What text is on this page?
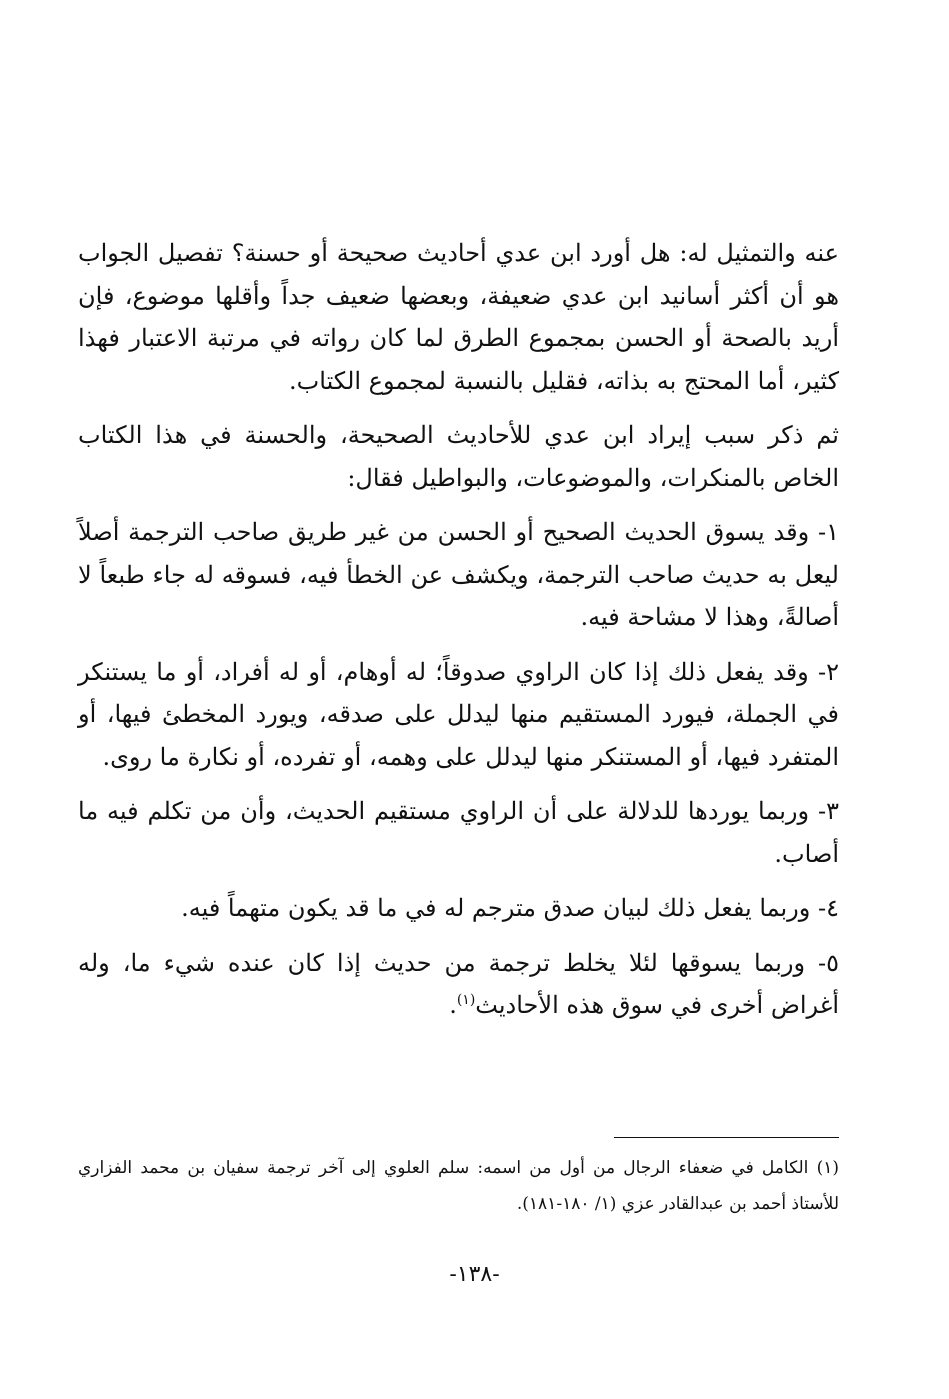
عنه والتمثيل له: هل أورد ابن عدي أحاديث صحيحة أو حسنة؟ تفصيل الجواب هو أن أكثر أسانيد ابن عدي ضعيفة، وبعضها ضعيف جداً وأقلها موضوع، فإن أريد بالصحة أو الحسن بمجموع الطرق لما كان رواته في مرتبة الاعتبار فهذا كثير، أما المحتج به بذاته، فقليل بالنسبة لمجموع الكتاب.

ثم ذكر سبب إيراد ابن عدي للأحاديث الصحيحة، والحسنة في هذا الكتاب الخاص بالمنكرات، والموضوعات، والبواطيل فقال:

١- وقد يسوق الحديث الصحيح أو الحسن من غير طريق صاحب الترجمة أصلاً ليعل به حديث صاحب الترجمة، ويكشف عن الخطأ فيه، فسوقه له جاء طبعاً لا أصالةً، وهذا لا مشاحة فيه.

٢- وقد يفعل ذلك إذا كان الراوي صدوقاً؛ له أوهام، أو له أفراد، أو ما يستنكر في الجملة، فيورد المستقيم منها ليدلل على صدقه، ويورد المخطئ فيها، أو المتفرد فيها، أو المستنكر منها ليدلل على وهمه، أو تفرده، أو نكارة ما روى.

٣- وربما يوردها للدلالة على أن الراوي مستقيم الحديث، وأن من تكلم فيه ما أصاب.

٤- وربما يفعل ذلك لبيان صدق مترجم له في ما قد يكون متهماً فيه.

٥- وربما يسوقها لئلا يخلط ترجمة من حديث إذا كان عنده شيء ما، وله أغراض أخرى في سوق هذه الأحاديث$^{(١)}$.

(١) الكامل في ضعفاء الرجال من أول من اسمه: سلم العلوي إلى آخر ترجمة سفيان بن محمد الفزاري للأستاذ أحمد بن عبدالقادر عزي (١/ ١٨٠-١٨١).

-١٣٨-
